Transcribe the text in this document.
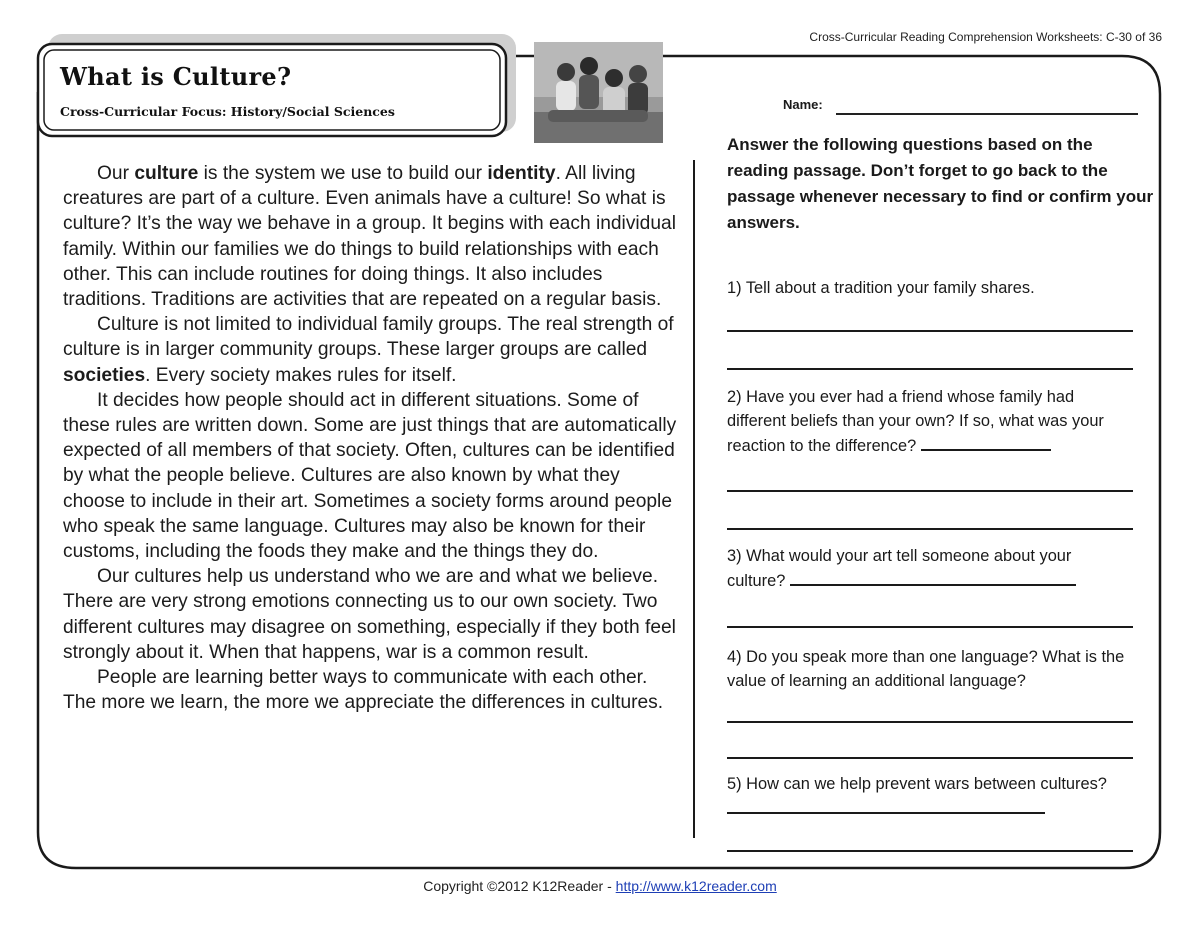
Cross-Curricular Reading Comprehension Worksheets: C-30 of 36
What is Culture?
Cross-Curricular Focus: History/Social Sciences

Our culture is the system we use to build our identity. All living creatures are part of a culture. Even animals have a culture! So what is culture? It’s the way we behave in a group. It begins with each individual family. Within our families we do things to build relationships with each other. This can include routines for doing things. It also includes traditions. Traditions are activities that are repeated on a regular basis.

Culture is not limited to individual family groups. The real strength of culture is in larger community groups. These larger groups are called societies. Every society makes rules for itself.

It decides how people should act in different situations. Some of these rules are written down. Some are just things that are automatically expected of all members of that society. Often, cultures can be identified by what the people believe. Cultures are also known by what they choose to include in their art. Sometimes a society forms around people who speak the same language. Cultures may also be known for their customs, including the foods they make and the things they do.

Our cultures help us understand who we are and what we believe. There are very strong emotions connecting us to our own society. Two different cultures may disagree on something, especially if they both feel strongly about it. When that happens, war is a common result.

People are learning better ways to communicate with each other. The more we learn, the more we appreciate the differences in cultures.

Name:
Answer the following questions based on the reading passage. Don’t forget to go back to the passage whenever necessary to find or confirm your answers.
1) Tell about a tradition your family shares.
2) Have you ever had a friend whose family had different beliefs than your own? If so, what was your reaction to the difference?
3) What would your art tell someone about your culture?
4) Do you speak more than one language? What is the value of learning an additional language?
5) How can we help prevent wars between cultures?
Copyright ©2012 K12Reader - http://www.k12reader.com
